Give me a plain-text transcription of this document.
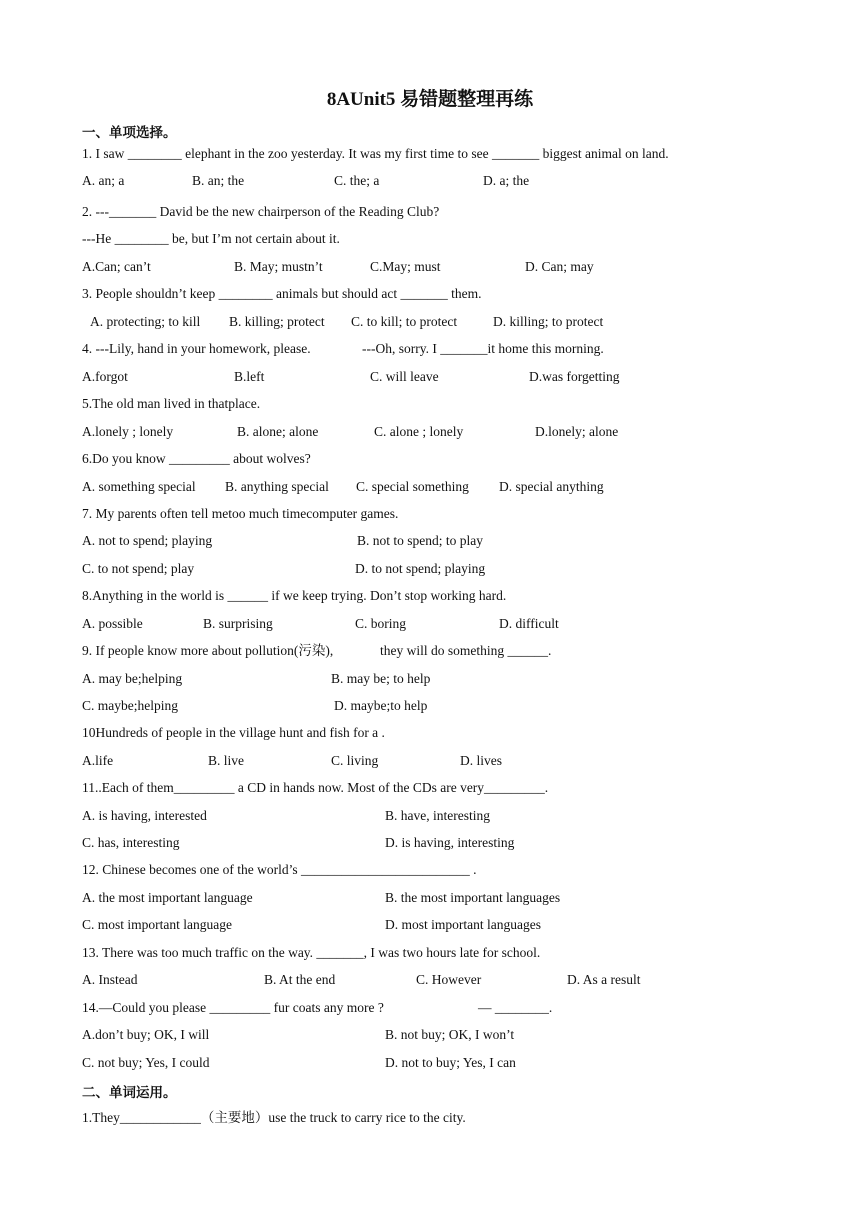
8AUnit5 易错题整理再练
一、单项选择。
1. I saw ________ elephant in the zoo yesterday. It was my first time to see _______ biggest animal on land.
A. an; a	B. an; the	C. the; a	D. a; the
2. ---_______ David be the new chairperson of the Reading Club?
---He ________ be, but I’m not certain about it.
A.Can; can’t	B. May; mustn’t	C.May; must	D. Can; may
3. People shouldn’t keep ________ animals but should act _______ them.
A. protecting; to kill B. killing; protect C. to kill; to protect	D. killing; to protect
4. ---Lily, hand in your homework, please.	---Oh, sorry. I _______it home this morning.
A.forgot	B.left	C. will leave	D.was forgetting
5.The old man lived in thatplace.
A.lonely ; lonely	B. alone; alone	C. alone ; lonely	D.lonely; alone
6.Do you know _________ about wolves?
A. something special B. anything special C. special something D. special anything
7. My parents often tell metoo much timecomputer games.
A. not to spend; playing	B. not to spend; to play
C. to not spend; play	D. to not spend; playing
8.Anything in the world is ______ if we keep trying. Don’t stop working hard.
A. possible	B. surprising	C. boring	D. difficult
9. If people know more about pollution(污染),	they will do something ______.
A. may be;helping	B. may be; to help
C. maybe;helping	D. maybe;to help
10Hundreds of people in the village hunt and fish for a .
A.life	B. live	C. living	D. lives
11..Each of them_________ a CD in hands now. Most of the CDs are very_________.
A. is having, interested	B. have, interesting
C. has, interesting	D. is having, interesting
12. Chinese becomes one of the world’s _________________________ .
A. the most important language	B. the most important languages
C. most important language	D. most important languages
13. There was too much traffic on the way. _______, I was two hours late for school.
A. Instead	B. At the end	C. However	D. As a result
14.—Could you please _________ fur coats any more ?	— ________.
A.don’t buy; OK, I will	B. not buy; OK, I won’t
C. not buy; Yes, I could	D. not to buy; Yes, I can
二、单词运用。
1.They____________（主要地）use the truck to carry rice to the city.
